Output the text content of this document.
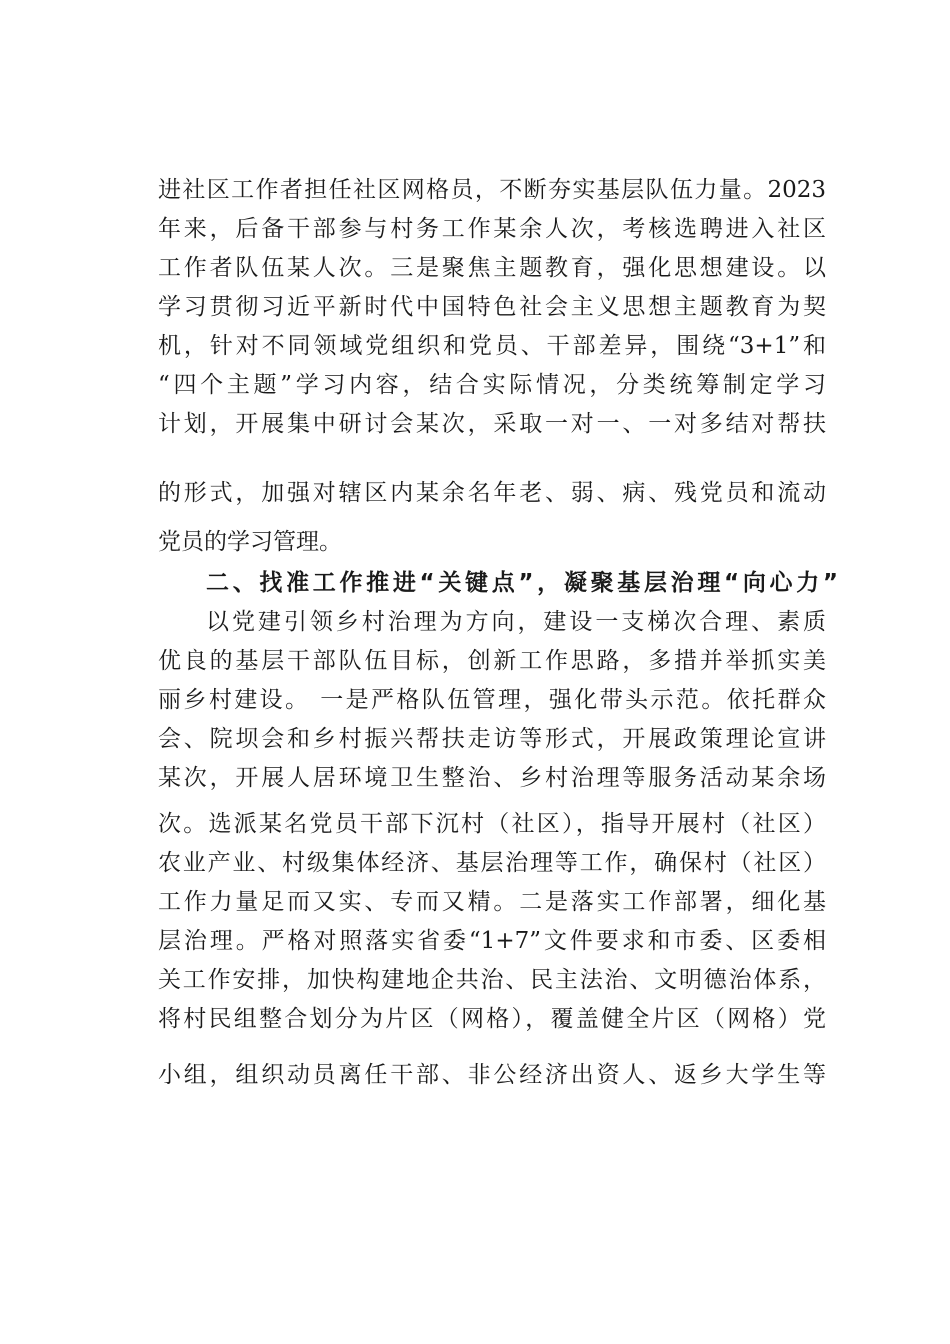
进社区工作者担任社区网格员，不断夯实基层队伍力量。2023
年来，后备干部参与村务工作某余人次，考核选聘进入社区
工作者队伍某人次。三是聚焦主题教育，强化思想建设。以
学习贯彻习近平新时代中国特色社会主义思想主题教育为契
机，针对不同领域党组织和党员、干部差异，围绕“3+1”和
“四个主题”学习内容，结合实际情况，分类统筹制定学习
计划，开展集中研讨会某次，采取一对一、一对多结对帮扶
的形式，加强对辖区内某余名年老、弱、病、残党员和流动
党员的学习管理。
二、找准工作推进“关键点”，凝聚基层治理“向心力”
以党建引领乡村治理为方向，建设一支梯次合理、素质
优良的基层干部队伍目标，创新工作思路，多措并举抓实美
丽乡村建设。 一是严格队伍管理，强化带头示范。依托群众
会、院坝会和乡村振兴帮扶走访等形式，开展政策理论宣讲
某次，开展人居环境卫生整治、乡村治理等服务活动某余场
次。选派某名党员干部下沉村（社区），指导开展村（社区）
农业产业、村级集体经济、基层治理等工作，确保村（社区）
工作力量足而又实、专而又精。二是落实工作部署，细化基
层治理。严格对照落实省委“1+7”文件要求和市委、区委相
关工作安排，加快构建地企共治、民主法治、文明德治体系，
将村民组整合划分为片区（网格），覆盖健全片区（网格）党
小组，组织动员离任干部、非公经济出资人、返乡大学生等
